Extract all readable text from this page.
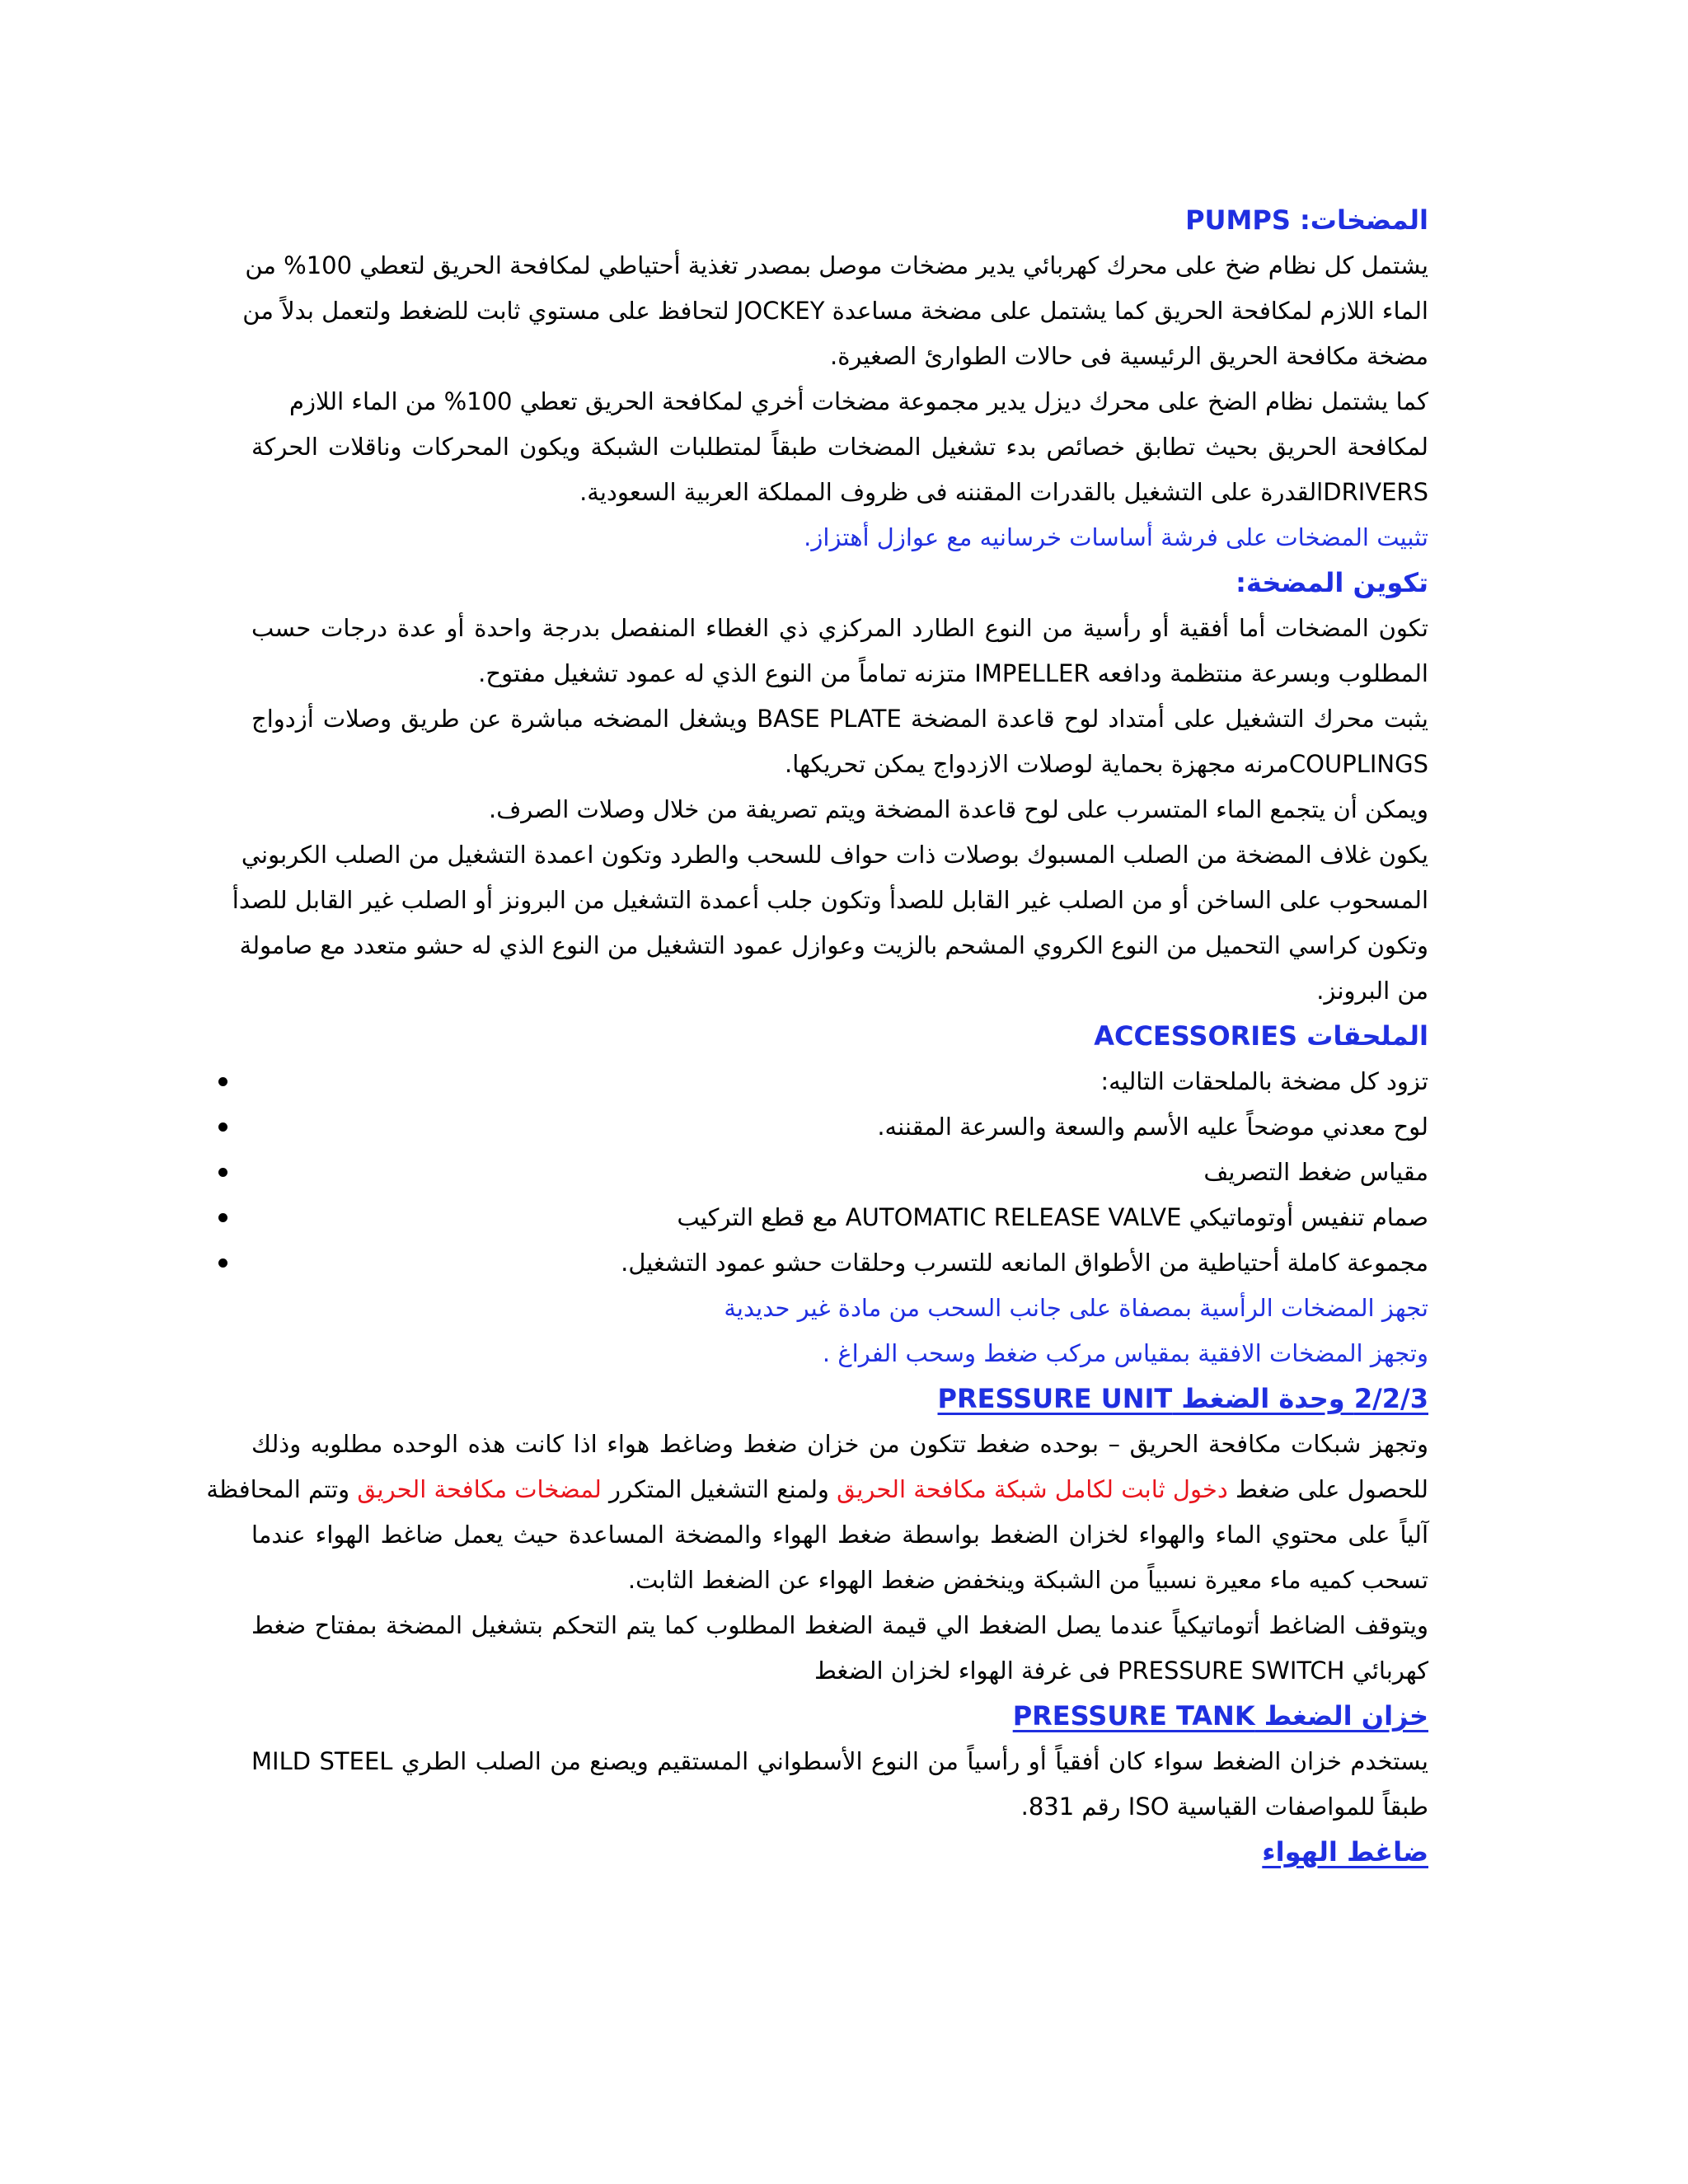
المضخات: PUMPS
يشتمل كل نظام ضخ على محرك كهربائي يدير مضخات موصل بمصدر تغذية أحتياطي لمكافحة الحريق لتعطي 100% من
الماء اللازم لمكافحة الحريق كما يشتمل على مضخة مساعدة JOCKEY لتحافظ على مستوي ثابت للضغط ولتعمل بدلاً من
مضخة مكافحة الحريق الرئيسية فى حالات الطوارئ الصغيرة.
كما يشتمل نظام الضخ على محرك ديزل يدير مجموعة مضخات أخري لمكافحة الحريق تعطي 100% من الماء اللازم
لمكافحة الحريق بحيث تطابق خصائص بدء تشغيل المضخات طبقاً لمتطلبات الشبكة ويكون المحركات وناقلات الحركة
DRIVERSالقدرة على التشغيل بالقدرات المقننه فى ظروف المملكة العربية السعودية.
تثبيت المضخات على فرشة أساسات خرسانيه مع عوازل أهتزاز.
تكوين المضخة:
تكون المضخات أما أفقية أو رأسية من النوع الطارد المركزي ذي الغطاء المنفصل بدرجة واحدة أو عدة درجات حسب
المطلوب وبسرعة منتظمة ودافعه IMPELLER متزنه تماماً من النوع الذي له عمود تشغيل مفتوح.
يثبت محرك التشغيل على أمتداد لوح قاعدة المضخة BASE PLATE ويشغل المضخه مباشرة عن طريق وصلات أزدواج
COUPLINGSمرنه مجهزة بحماية لوصلات الازدواج يمكن تحريكها.
ويمكن أن يتجمع الماء المتسرب على لوح قاعدة المضخة ويتم تصريفة من خلال وصلات الصرف.
يكون غلاف المضخة من الصلب المسبوك بوصلات ذات حواف للسحب والطرد وتكون اعمدة التشغيل من الصلب الكربوني
المسحوب على الساخن أو من الصلب غير القابل للصدأ وتكون جلب أعمدة التشغيل من البرونز أو الصلب غير القابل للصدأ
وتكون كراسي التحميل من النوع الكروي المشحم بالزيت وعوازل عمود التشغيل من النوع الذي له حشو متعدد مع صامولة
من البرونز.
الملحقات ACCESSORIES
تزود كل مضخة بالملحقات التاليه:
لوح معدني موضحاً عليه الأسم والسعة والسرعة المقننه.
مقياس ضغط التصريف
صمام تنفيس أوتوماتيكي AUTOMATIC RELEASE VALVE مع قطع التركيب
مجموعة كاملة أحتياطية من الأطواق المانعه للتسرب وحلقات حشو عمود التشغيل.
تجهز المضخات الرأسية بمصفاة على جانب السحب من مادة غير حديدية
وتجهز المضخات الافقية بمقياس مركب ضغط وسحب الفراغ .
2/2/3 وحدة الضغط PRESSURE UNIT
وتجهز شبكات مكافحة الحريق – بوحده ضغط تتكون من خزان ضغط وضاغط هواء اذا كانت هذه الوحده مطلوبه وذلك
للحصول على ضغط دخول ثابت لكامل شبكة مكافحة الحريق ولمنع التشغيل المتكرر لمضخات مكافحة الحريق وتتم المحافظة
آلياً على محتوي الماء والهواء لخزان الضغط بواسطة ضغط الهواء والمضخة المساعدة حيث يعمل ضاغط الهواء عندما
تسحب كميه ماء معيرة نسبياً من الشبكة وينخفض ضغط الهواء عن الضغط الثابت.
ويتوقف الضاغط أتوماتيكياً عندما يصل الضغط الي قيمة الضغط المطلوب كما يتم التحكم بتشغيل المضخة بمفتاح ضغط
كهربائي PRESSURE SWITCH فى غرفة الهواء لخزان الضغط
خزان الضغط PRESSURE TANK
يستخدم خزان الضغط سواء كان أفقياً أو رأسياً من النوع الأسطواني المستقيم ويصنع من الصلب الطري MILD STEEL
طبقاً للمواصفات القياسية ISO رقم 831.
ضاغط الهواء
